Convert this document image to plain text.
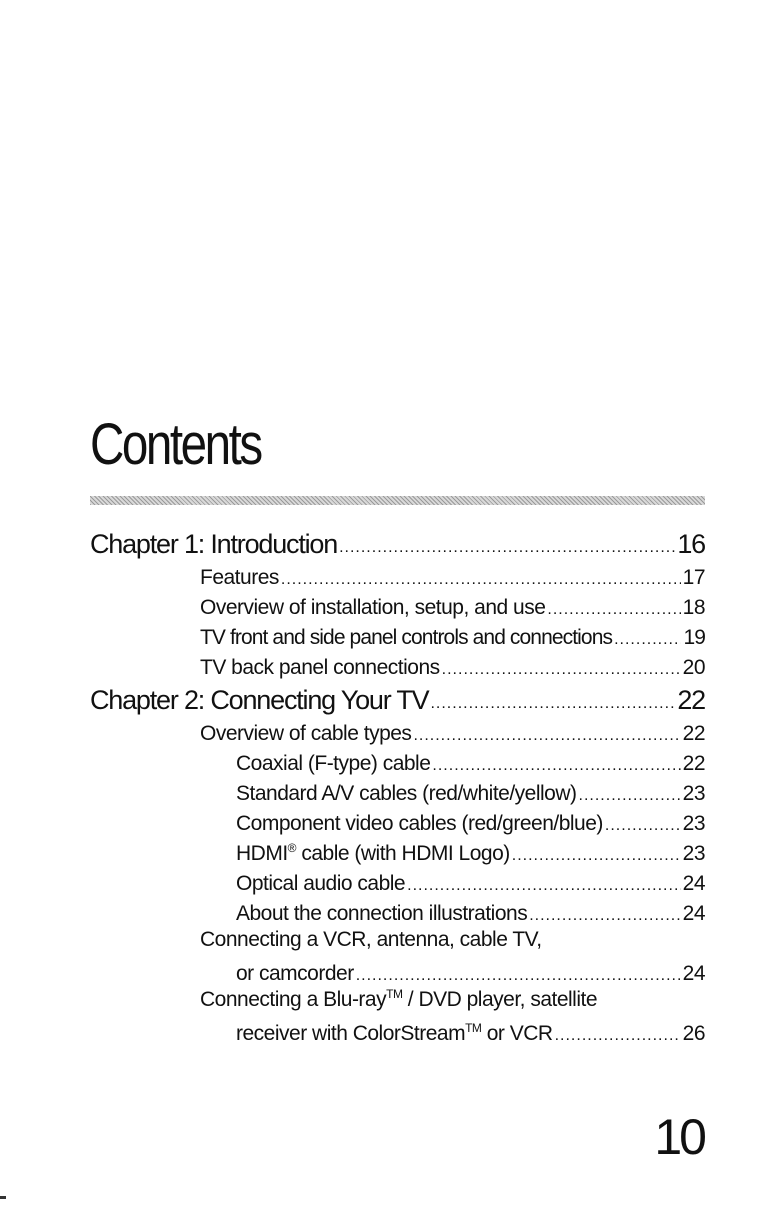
Contents
Chapter 1: Introduction .....	16
Features .....	17
Overview of installation, setup, and use .....	18
TV front and side panel controls and connections .....	19
TV back panel connections .....	20
Chapter 2: Connecting Your TV .....	22
Overview of cable types .....	22
Coaxial (F-type) cable .....	22
Standard A/V cables (red/white/yellow) .....	23
Component video cables (red/green/blue) .....	23
HDMI® cable (with HDMI Logo) .....	23
Optical audio cable .....	24
About the connection illustrations .....	24
Connecting a VCR, antenna, cable TV,
or camcorder .....	24
Connecting a Blu-ray™ / DVD player, satellite
receiver with ColorStream™ or VCR .....	26
10
